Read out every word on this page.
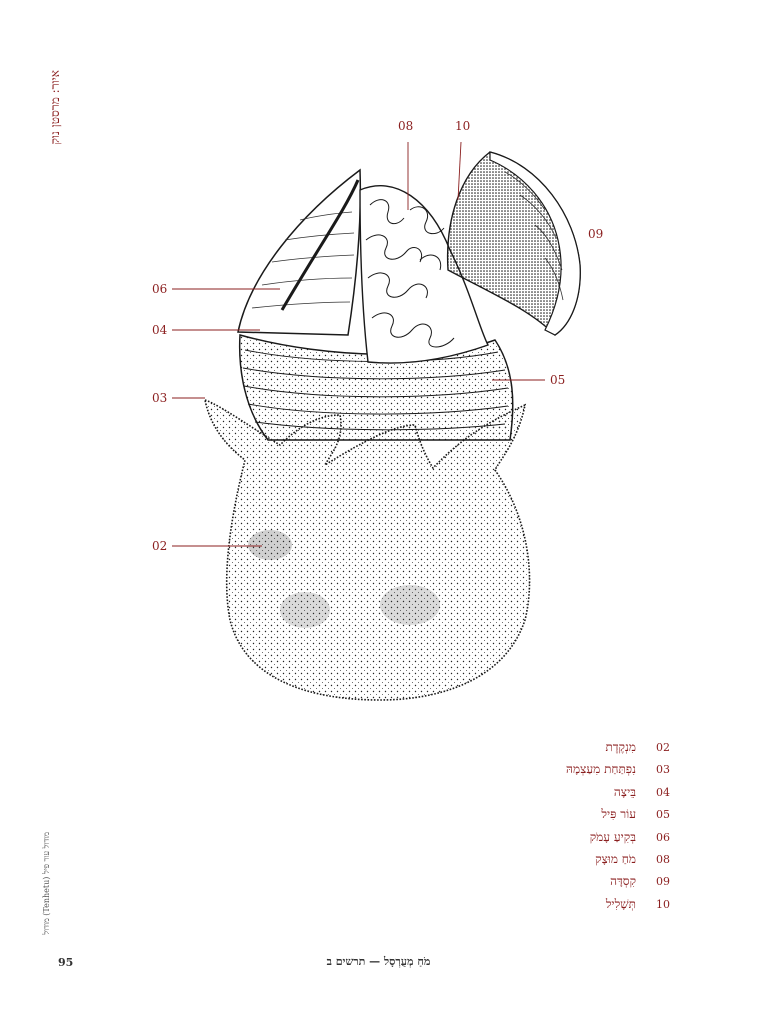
איור: מרסטן נוק
מודול (Tenhetu) מודול עור פיל
06
04
03
02
05
08	10
09
מִנְקֶדֶת	02
נִפְתַּחַת מִעַצְמָהּ	03
בֵּיצָה	04
עוֹר פִּיל	05
בְּקִיעַ עָמֹק	06
מֹחַ מוּצָק	08
קִסְדָּה	09
תְּשָׁלִיל	10
95	מֹחַ מְעֻרְסָל — תרשים ב
